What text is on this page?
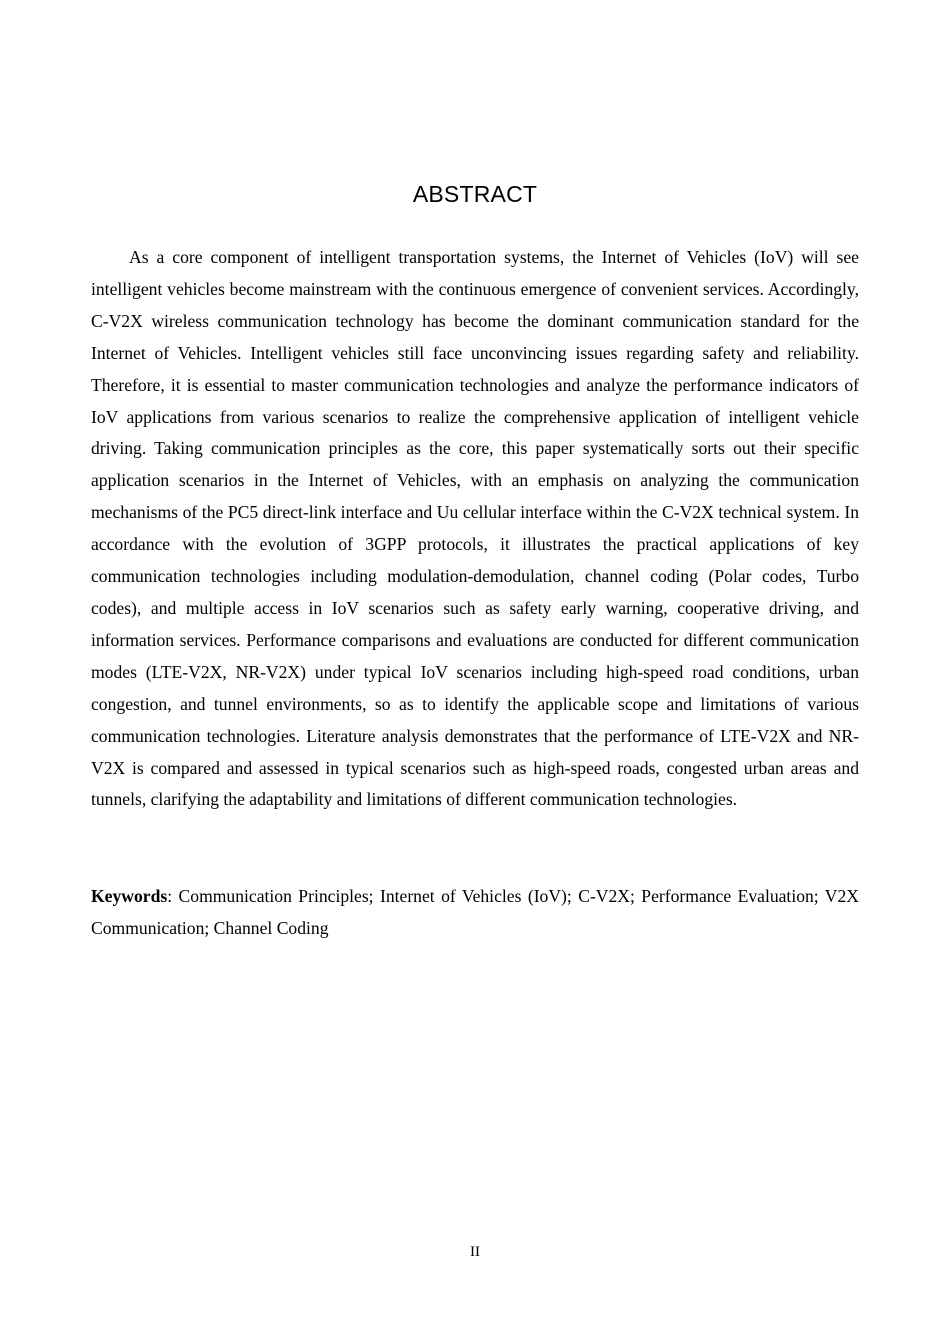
ABSTRACT

As a core component of intelligent transportation systems, the Internet of Vehicles (IoV) will see intelligent vehicles become mainstream with the continuous emergence of convenient services. Accordingly, C-V2X wireless communication technology has become the dominant communication standard for the Internet of Vehicles. Intelligent vehicles still face unconvincing issues regarding safety and reliability. Therefore, it is essential to master communication technologies and analyze the performance indicators of IoV applications from various scenarios to realize the comprehensive application of intelligent vehicle driving. Taking communication principles as the core, this paper systematically sorts out their specific application scenarios in the Internet of Vehicles, with an emphasis on analyzing the communication mechanisms of the PC5 direct-link interface and Uu cellular interface within the C-V2X technical system. In accordance with the evolution of 3GPP protocols, it illustrates the practical applications of key communication technologies including modulation-demodulation, channel coding (Polar codes, Turbo codes), and multiple access in IoV scenarios such as safety early warning, cooperative driving, and information services. Performance comparisons and evaluations are conducted for different communication modes (LTE-V2X, NR-V2X) under typical IoV scenarios including high-speed road conditions, urban congestion, and tunnel environments, so as to identify the applicable scope and limitations of various communication technologies. Literature analysis demonstrates that the performance of LTE-V2X and NR-V2X is compared and assessed in typical scenarios such as high-speed roads, congested urban areas and tunnels, clarifying the adaptability and limitations of different communication technologies.

Keywords: Communication Principles; Internet of Vehicles (IoV); C-V2X; Performance Evaluation; V2X Communication; Channel Coding

II
